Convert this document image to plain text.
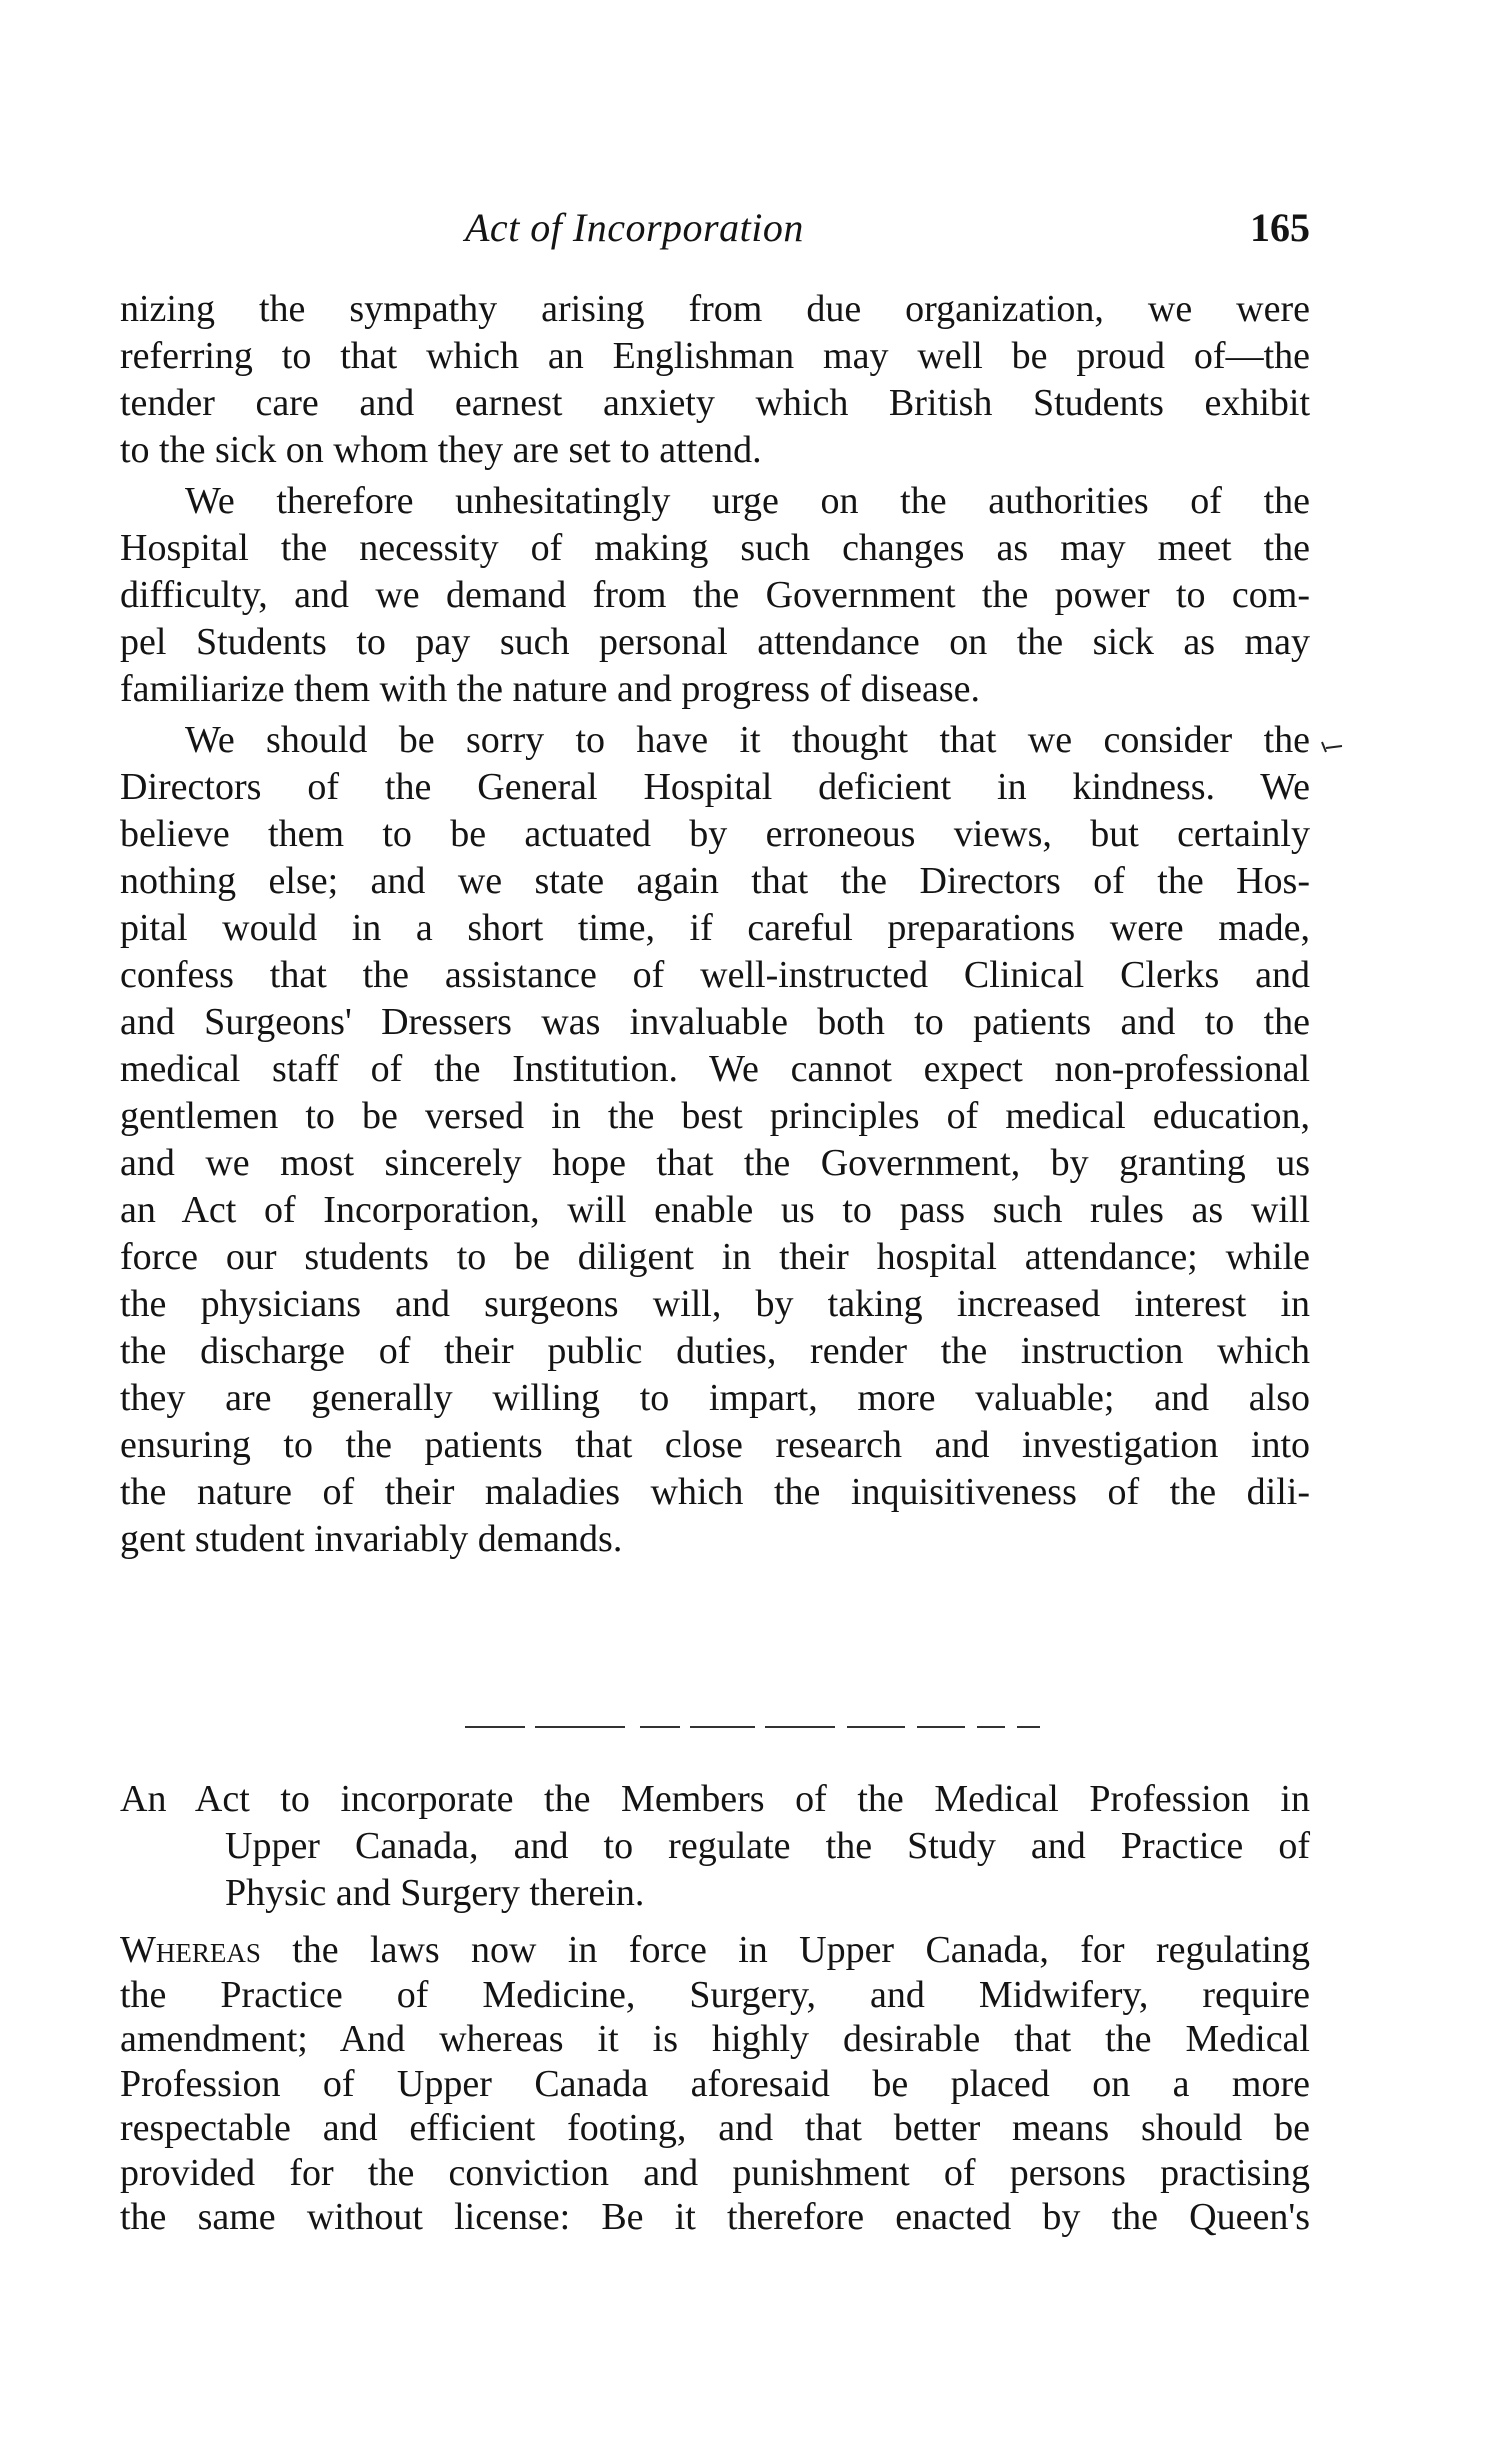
Act of Incorporation	165
nizing the sympathy arising from due organization, we were
referring to that which an Englishman may well be proud of—the
tender care and earnest anxiety which British Students exhibit
to the sick on whom they are set to attend.
We therefore unhesitatingly urge on the authorities of the
Hospital the necessity of making such changes as may meet the
difficulty, and we demand from the Government the power to com-
pel Students to pay such personal attendance on the sick as may
familiarize them with the nature and progress of disease.
We should be sorry to have it thought that we consider the
Directors of the General Hospital deficient in kindness. We
believe them to be actuated by erroneous views, but certainly
nothing else; and we state again that the Directors of the Hos-
pital would in a short time, if careful preparations were made,
confess that the assistance of well-instructed Clinical Clerks and
and Surgeons' Dressers was invaluable both to patients and to the
medical staff of the Institution. We cannot expect non-professional
gentlemen to be versed in the best principles of medical education,
and we most sincerely hope that the Government, by granting us
an Act of Incorporation, will enable us to pass such rules as will
force our students to be diligent in their hospital attendance; while
the physicians and surgeons will, by taking increased interest in
the discharge of their public duties, render the instruction which
they are generally willing to impart, more valuable; and also
ensuring to the patients that close research and investigation into
the nature of their maladies which the inquisitiveness of the dili-
gent student invariably demands.
An Act to incorporate the Members of the Medical Profession in
Upper Canada, and to regulate the Study and Practice of
Physic and Surgery therein.
Whereas the laws now in force in Upper Canada, for regulating
the Practice of Medicine, Surgery, and Midwifery, require
amendment; And whereas it is highly desirable that the Medical
Profession of Upper Canada aforesaid be placed on a more
respectable and efficient footing, and that better means should be
provided for the conviction and punishment of persons practising
the same without license: Be it therefore enacted by the Queen's
